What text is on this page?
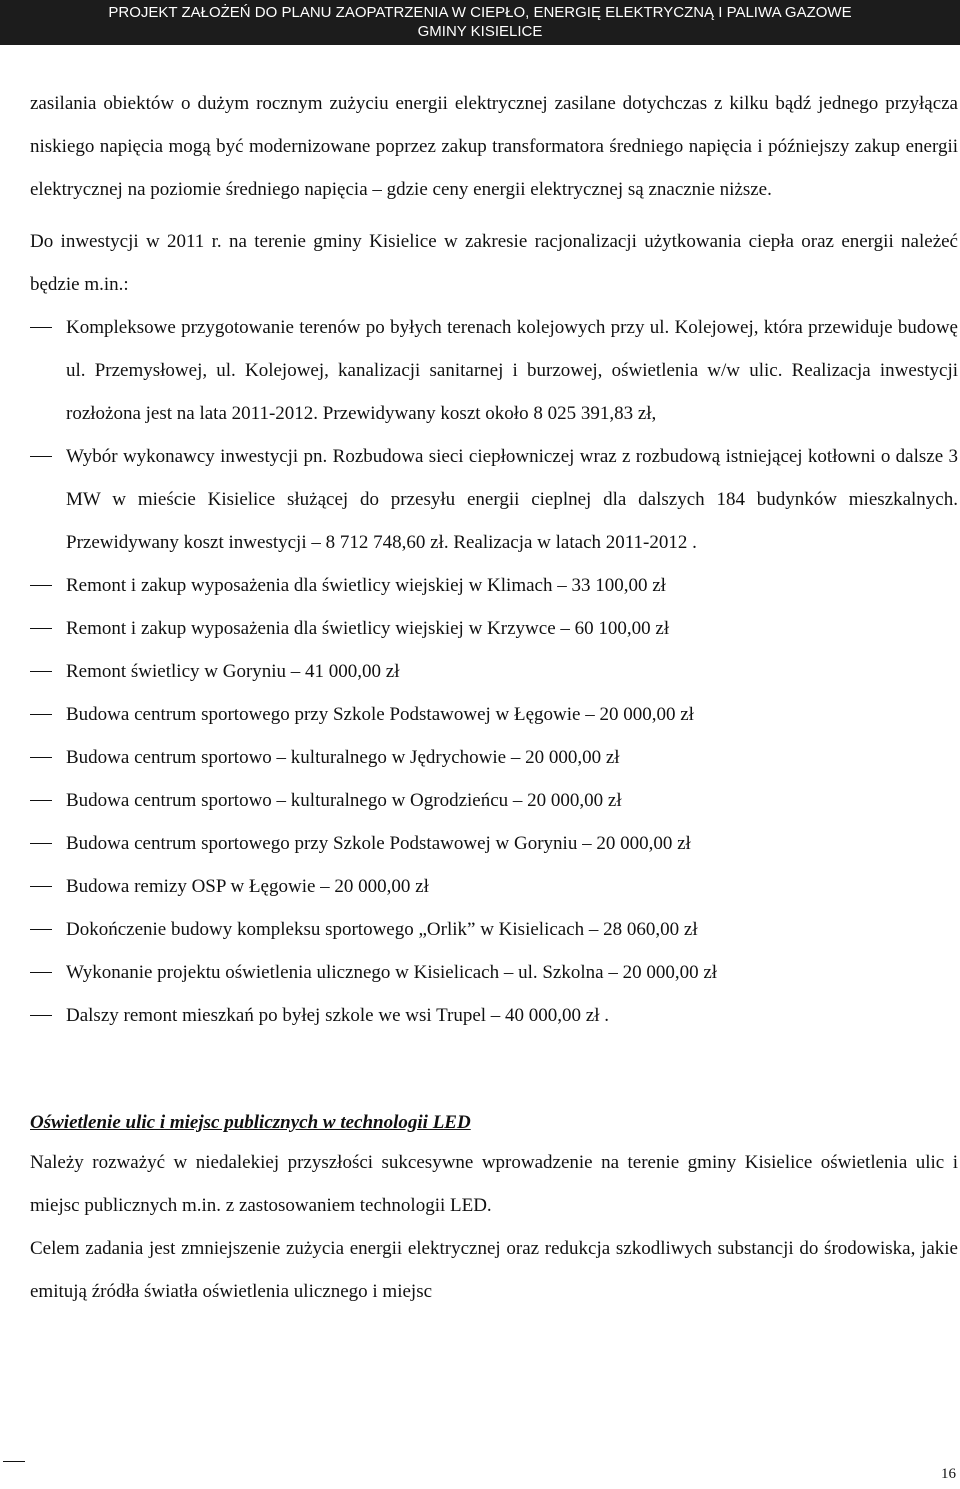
PROJEKT ZAŁOŻEŃ DO PLANU ZAOPATRZENIA W CIEPŁO, ENERGIĘ ELEKTRYCZNĄ I PALIWA GAZOWE
GMINY KISIELICE

zasilania obiektów o dużym rocznym zużyciu energii elektrycznej zasilane dotychczas z kilku bądź jednego przyłącza niskiego napięcia mogą być modernizowane poprzez zakup transformatora średniego napięcia i późniejszy zakup energii elektrycznej na poziomie średniego napięcia – gdzie ceny energii elektrycznej są znacznie niższe.

Do inwestycji w 2011 r. na terenie gminy Kisielice w zakresie racjonalizacji użytkowania ciepła oraz energii należeć będzie m.in.:

Kompleksowe przygotowanie terenów po byłych terenach kolejowych przy ul. Kolejowej, która przewiduje budowę ul. Przemysłowej, ul. Kolejowej, kanalizacji sanitarnej i burzowej, oświetlenia w/w ulic. Realizacja inwestycji rozłożona jest na lata 2011-2012. Przewidywany koszt około 8 025 391,83 zł,
Wybór wykonawcy inwestycji pn. Rozbudowa sieci ciepłowniczej wraz z rozbudową istniejącej kotłowni o dalsze 3 MW w mieście Kisielice służącej do przesyłu energii cieplnej dla dalszych 184 budynków mieszkalnych. Przewidywany koszt inwestycji – 8 712 748,60 zł. Realizacja w latach 2011-2012 .
Remont i zakup wyposażenia dla świetlicy wiejskiej w Klimach – 33 100,00 zł
Remont i zakup wyposażenia dla świetlicy wiejskiej w Krzywce – 60 100,00 zł
Remont świetlicy w Goryniu – 41 000,00 zł
Budowa centrum sportowego przy Szkole Podstawowej w Łęgowie – 20 000,00 zł
Budowa centrum sportowo – kulturalnego w Jędrychowie – 20 000,00 zł
Budowa centrum sportowo – kulturalnego w Ogrodzieńcu – 20 000,00 zł
Budowa centrum sportowego przy Szkole Podstawowej w Goryniu – 20 000,00 zł
Budowa remizy OSP w Łęgowie – 20 000,00 zł
Dokończenie budowy kompleksu sportowego „Orlik” w Kisielicach – 28 060,00 zł
Wykonanie projektu oświetlenia ulicznego w Kisielicach – ul. Szkolna – 20 000,00 zł
Dalszy remont mieszkań po byłej szkole we wsi Trupel – 40 000,00 zł .
Oświetlenie ulic i miejsc publicznych w technologii LED

Należy rozważyć w niedalekiej przyszłości sukcesywne wprowadzenie na terenie gminy Kisielice oświetlenia ulic i miejsc publicznych m.in. z zastosowaniem technologii LED.

Celem zadania jest zmniejszenie zużycia energii elektrycznej oraz redukcja szkodliwych substancji do środowiska, jakie emitują źródła światła oświetlenia ulicznego i miejsc

16
